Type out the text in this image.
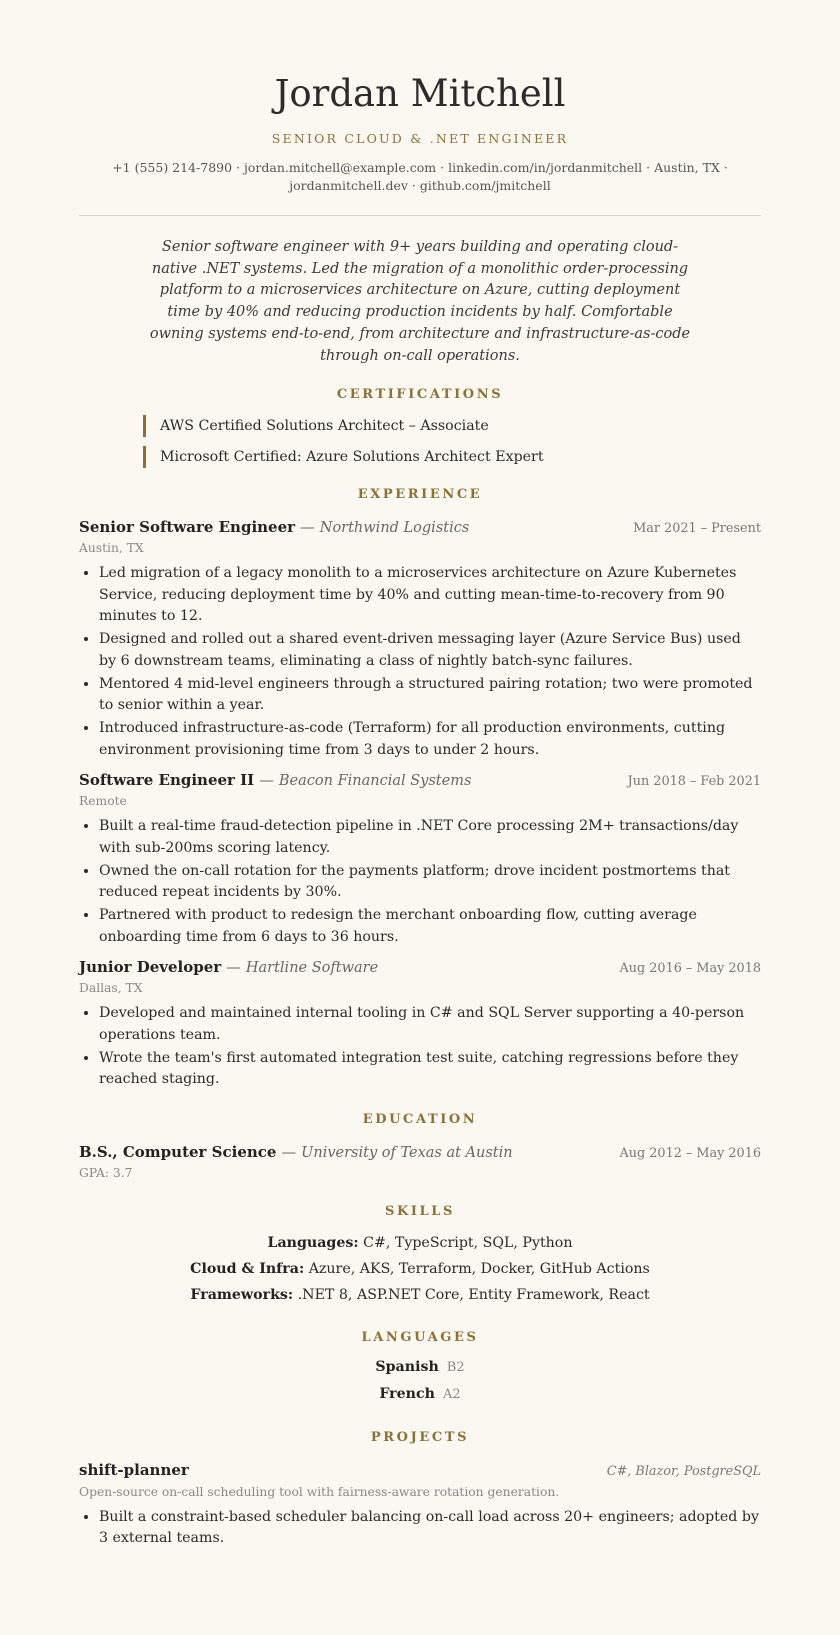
Jordan Mitchell
SENIOR CLOUD & .NET ENGINEER
+1 (555) 214-7890 · jordan.mitchell@example.com · linkedin.com/in/jordanmitchell · Austin, TX · jordanmitchell.dev · github.com/jmitchell

Senior software engineer with 9+ years building and operating cloud-native .NET systems. Led the migration of a monolithic order-processing platform to a microservices architecture on Azure, cutting deployment time by 40% and reducing production incidents by half. Comfortable owning systems end-to-end, from architecture and infrastructure-as-code through on-call operations.

CERTIFICATIONS
AWS Certified Solutions Architect – Associate
Microsoft Certified: Azure Solutions Architect Expert
EXPERIENCE
Senior Software Engineer — Northwind Logistics	Mar 2021 – Present
Austin, TX
• Led migration of a legacy monolith to a microservices architecture on Azure Kubernetes Service, reducing deployment time by 40% and cutting mean-time-to-recovery from 90 minutes to 12.
• Designed and rolled out a shared event-driven messaging layer (Azure Service Bus) used by 6 downstream teams, eliminating a class of nightly batch-sync failures.
• Mentored 4 mid-level engineers through a structured pairing rotation; two were promoted to senior within a year.
• Introduced infrastructure-as-code (Terraform) for all production environments, cutting environment provisioning time from 3 days to under 2 hours.
Software Engineer II — Beacon Financial Systems	Jun 2018 – Feb 2021
Remote
• Built a real-time fraud-detection pipeline in .NET Core processing 2M+ transactions/day with sub-200ms scoring latency.
• Owned the on-call rotation for the payments platform; drove incident postmortems that reduced repeat incidents by 30%.
• Partnered with product to redesign the merchant onboarding flow, cutting average onboarding time from 6 days to 36 hours.
Junior Developer — Hartline Software	Aug 2016 – May 2018
Dallas, TX
• Developed and maintained internal tooling in C# and SQL Server supporting a 40-person operations team.
• Wrote the team's first automated integration test suite, catching regressions before they reached staging.
EDUCATION
B.S., Computer Science — University of Texas at Austin	Aug 2012 – May 2016
GPA: 3.7
SKILLS
Languages: C#, TypeScript, SQL, Python
Cloud & Infra: Azure, AKS, Terraform, Docker, GitHub Actions
Frameworks: .NET 8, ASP.NET Core, Entity Framework, React
LANGUAGES
Spanish B2
French A2
PROJECTS
shift-planner	C#, Blazor, PostgreSQL
Open-source on-call scheduling tool with fairness-aware rotation generation.
• Built a constraint-based scheduler balancing on-call load across 20+ engineers; adopted by 3 external teams.
